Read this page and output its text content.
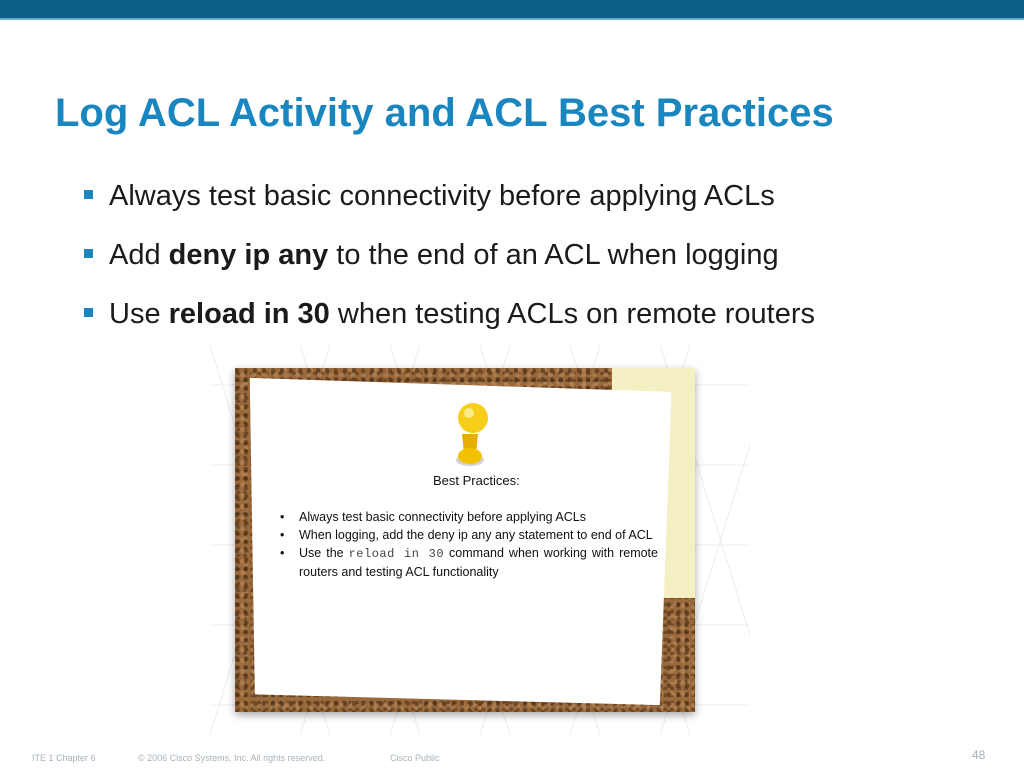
Log ACL Activity and ACL Best Practices
Always test basic connectivity before applying ACLs
Add deny ip any to the end of an ACL when logging
Use reload in 30 when testing ACLs on remote routers
Best Practices:
• Always test basic connectivity before applying ACLs
• When logging, add the deny ip any any statement to end of ACL
• Use the reload in 30 command when working with remote routers and testing ACL functionality
ITE 1 Chapter 6	© 2006 Cisco Systems, Inc. All rights reserved.	Cisco Public	48
